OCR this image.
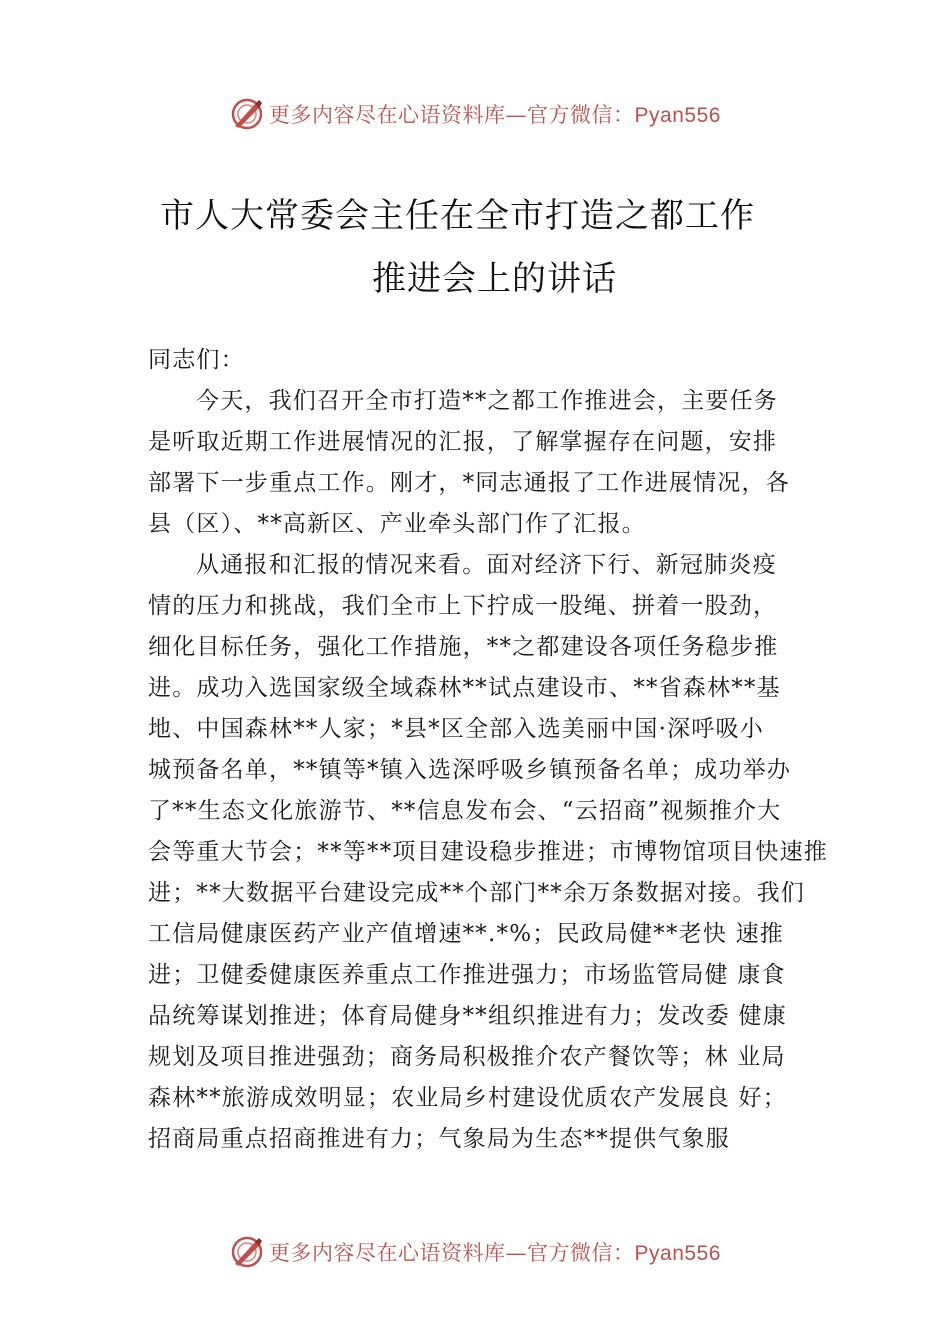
更多内容尽在心语资料库—官方微信：Pyan556
市人大常委会主任在全市打造之都工作
推进会上的讲话
同志们：
今天，我们召开全市打造**之都工作推进会，主要任务
是听取近期工作进展情况的汇报，了解掌握存在问题，安排
部署下一步重点工作。刚才，*同志通报了工作进展情况，各
县（区）、**高新区、产业牵头部门作了汇报。
从通报和汇报的情况来看。面对经济下行、新冠肺炎疫
情的压力和挑战，我们全市上下拧成一股绳、拼着一股劲，
细化目标任务，强化工作措施，**之都建设各项任务稳步推
进。成功入选国家级全域森林**试点建设市、**省森林**基
地、中国森林**人家；*县*区全部入选美丽中国·深呼吸小
城预备名单，**镇等*镇入选深呼吸乡镇预备名单；成功举办
了**生态文化旅游节、**信息发布会、“云招商”视频推介大
会等重大节会；**等**项目建设稳步推进；市博物馆项目快速推
进；**大数据平台建设完成**个部门**余万条数据对接。我们
工信局健康医药产业产值增速**.*%；民政局健**老快 速推
进；卫健委健康医养重点工作推进强力；市场监管局健 康食
品统筹谋划推进；体育局健身**组织推进有力；发改委 健康
规划及项目推进强劲；商务局积极推介农产餐饮等；林 业局
森林**旅游成效明显；农业局乡村建设优质农产发展良 好；
招商局重点招商推进有力；气象局为生态**提供气象服
更多内容尽在心语资料库—官方微信：Pyan556
